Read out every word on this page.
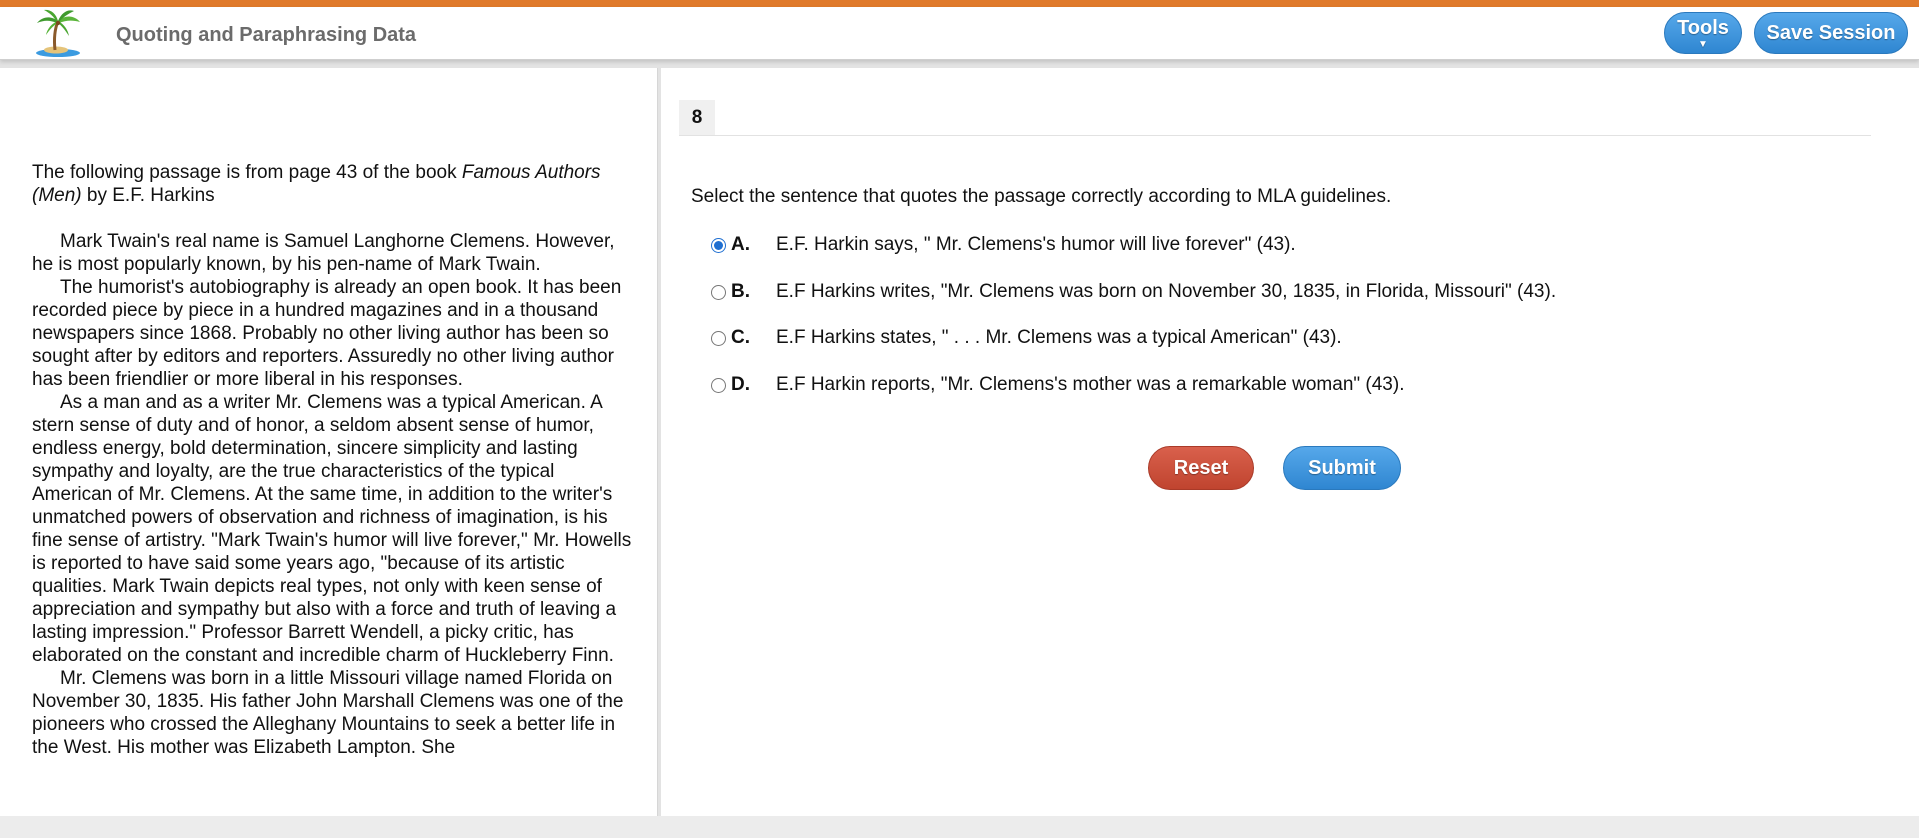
Quoting and Paraphrasing Data	Tools
▼
Save Session
The following passage is from page 43 of the book Famous Authors (Men) by E.F. Harkins

Mark Twain's real name is Samuel Langhorne Clemens. However, he is most popularly known, by his pen-name of Mark Twain.

The humorist's autobiography is already an open book. It has been recorded piece by piece in a hundred magazines and in a thousand newspapers since 1868. Probably no other living author has been so sought after by editors and reporters. Assuredly no other living author has been friendlier or more liberal in his responses.

As a man and as a writer Mr. Clemens was a typical American. A stern sense of duty and of honor, a seldom absent sense of humor, endless energy, bold determination, sincere simplicity and lasting sympathy and loyalty, are the true characteristics of the typical American of Mr. Clemens. At the same time, in addition to the writer's unmatched powers of observation and richness of imagination, is his fine sense of artistry. "Mark Twain's humor will live forever," Mr. Howells is reported to have said some years ago, "because of its artistic qualities. Mark Twain depicts real types, not only with keen sense of appreciation and sympathy but also with a force and truth of leaving a lasting impression." Professor Barrett Wendell, a picky critic, has elaborated on the constant and incredible charm of Huckleberry Finn.

Mr. Clemens was born in a little Missouri village named Florida on November 30, 1835. His father John Marshall Clemens was one of the pioneers who crossed the Alleghany Mountains to seek a better life in the West. His mother was Elizabeth Lampton. She

8
Select the sentence that quotes the passage correctly according to MLA guidelines.
A.	E.F. Harkin says, " Mr. Clemens's humor will live forever" (43).
B.	E.F Harkins writes, "Mr. Clemens was born on November 30, 1835, in Florida, Missouri" (43).
C.	E.F Harkins states, " . . . Mr. Clemens was a typical American" (43).
D.	E.F Harkin reports, "Mr. Clemens's mother was a remarkable woman" (43).
Reset	Submit
